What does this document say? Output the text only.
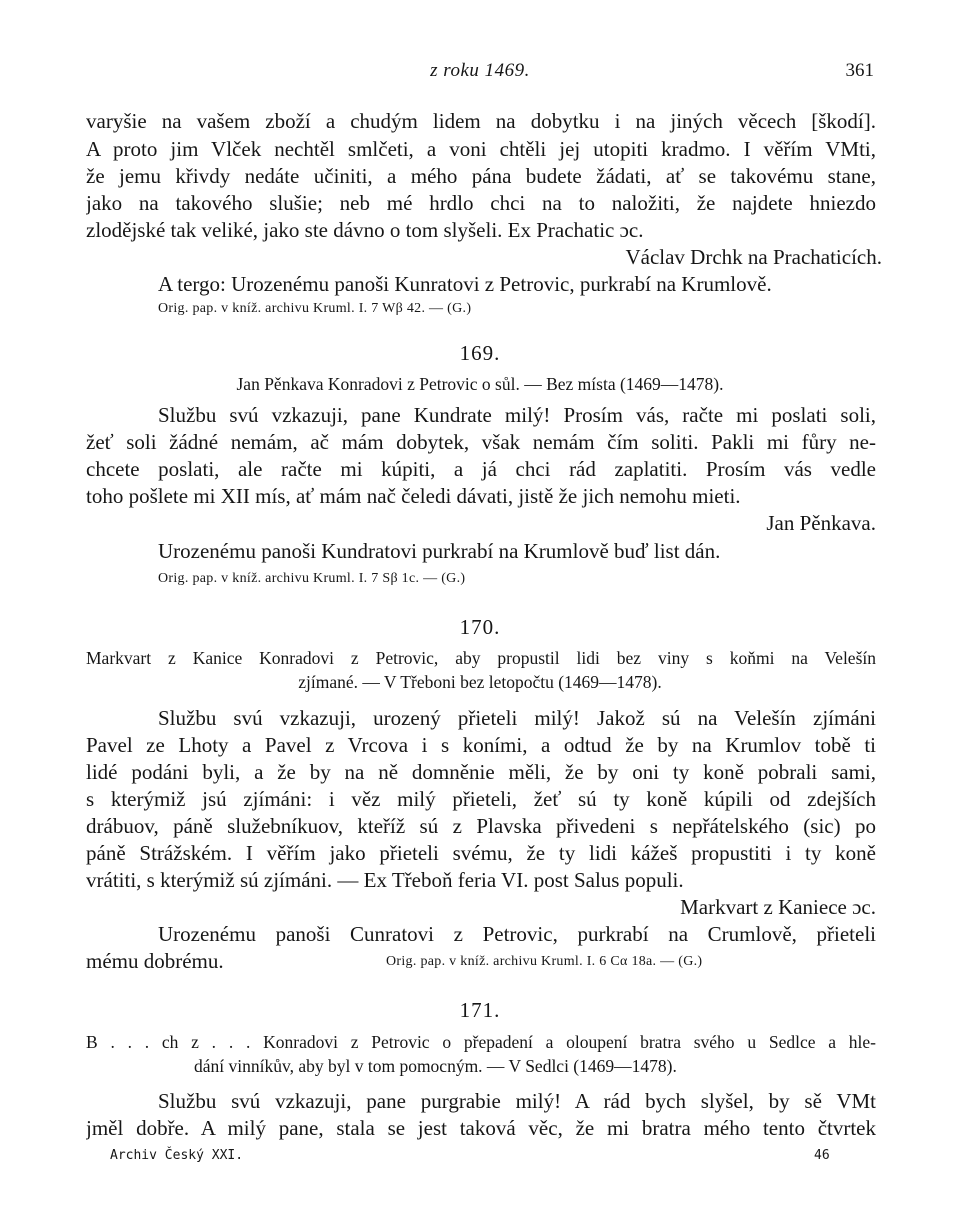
z roku 1469.	361
varyšie na vašem zboží a chudým lidem na dobytku i na jiných věcech [škodí].
A proto jim Vlček nechtěl smlčeti, a voni chtěli jej utopiti kradmo. I věřím VMti,
že jemu křivdy nedáte učiniti, a mého pána budete žádati, ať se takovému stane,
jako na takového slušie; neb mé hrdlo chci na to naložiti, že najdete hniezdo
zlodějské tak veliké, jako ste dávno o tom slyšeli. Ex Prachatic ɔc.
Václav Drchk na Prachaticích.
A tergo: Urozenému panoši Kunratovi z Petrovic, purkrabí na Krumlově.
Orig. pap. v kníž. archivu Kruml. I. 7 Wβ 42. — (G.)
169.
Jan Pěnkava Konradovi z Petrovic o sůl. — Bez místa (1469—1478).
Službu svú vzkazuji, pane Kundrate milý! Prosím vás, račte mi poslati soli,
žeť soli žádné nemám, ač mám dobytek, však nemám čím soliti. Pakli mi fůry ne-
chcete poslati, ale račte mi kúpiti, a já chci rád zaplatiti. Prosím vás vedle
toho pošlete mi XII mís, ať mám nač čeledi dávati, jistě že jich nemohu mieti.
Jan Pěnkava.
Urozenému panoši Kundratovi purkrabí na Krumlově buď list dán.
Orig. pap. v kníž. archivu Kruml. I. 7 Sβ 1c. — (G.)
170.
Markvart z Kanice Konradovi z Petrovic, aby propustil lidi bez viny s koňmi na Velešín
zjímané. — V Třeboni bez letopočtu (1469—1478).
Službu svú vzkazuji, urozený přieteli milý! Jakož sú na Velešín zjímáni
Pavel ze Lhoty a Pavel z Vrcova i s koními, a odtud že by na Krumlov tobě ti
lidé podáni byli, a že by na ně domněnie měli, že by oni ty koně pobrali sami,
s kterýmiž jsú zjímáni: i věz milý přieteli, žeť sú ty koně kúpili od zdejších
drábuov, páně služebníkuov, kteříž sú z Plavska přivedeni s nepřátelského (sic) po
páně Strážském. I věřím jako přieteli svému, že ty lidi kážeš propustiti i ty koně
vrátiti, s kterýmiž sú zjímáni. — Ex Třeboň feria VI. post Salus populi.
Markvart z Kaniece ɔc.
Urozenému panoši Cunratovi z Petrovic, purkrabí na Crumlově, přieteli
mému dobrému.	Orig. pap. v kníž. archivu Kruml. I. 6 Cα 18a. — (G.)
171.
B . . . ch z . . . Konradovi z Petrovic o přepadení a oloupení bratra svého u Sedlce a hle-
dání vinníkův, aby byl v tom pomocným. — V Sedlci (1469—1478).
Službu svú vzkazuji, pane purgrabie milý! A rád bych slyšel, by sě VMt
jměl dobře. A milý pane, stala se jest taková věc, že mi bratra mého tento čtvrtek
Archiv Český XXI.	46
